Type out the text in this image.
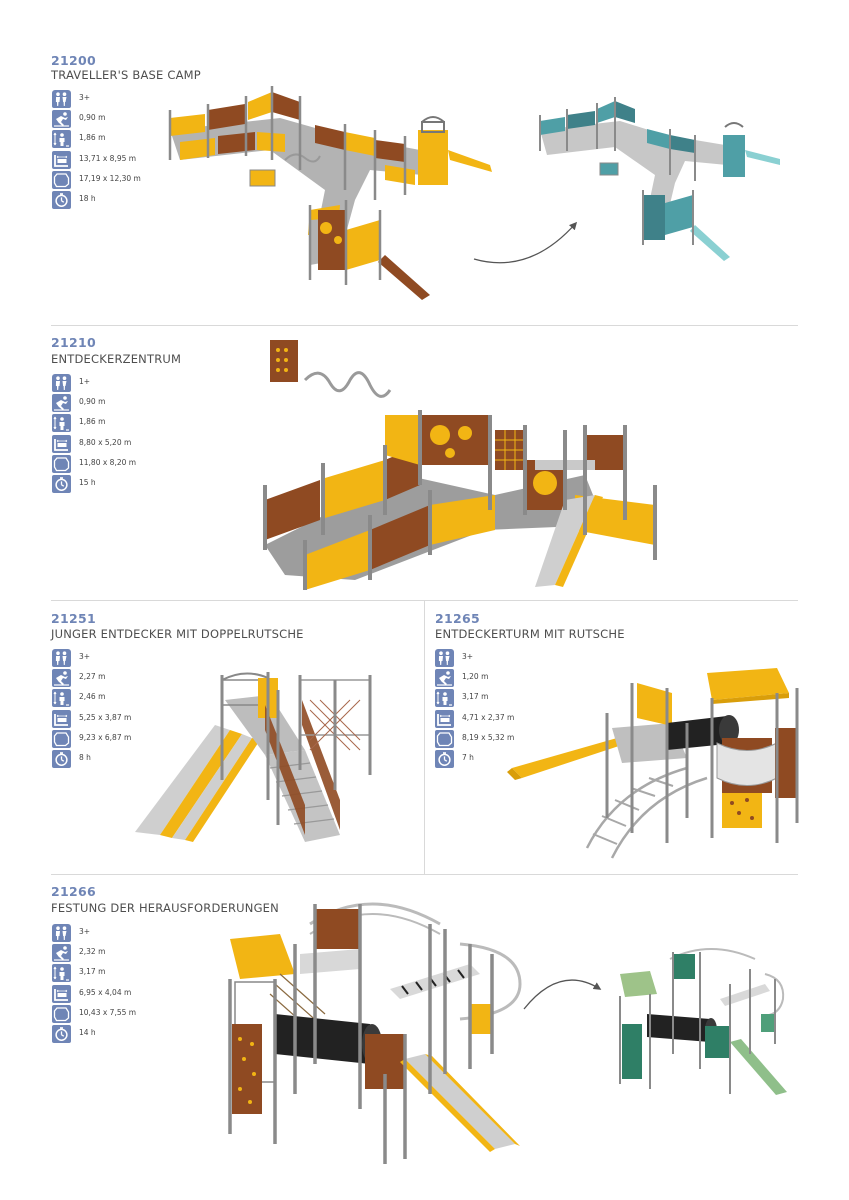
21200
TRAVELLER'S BASE CAMP
3+
0,90 m
1,86 m
13,71 x 8,95 m
17,19 x 12,30 m
18 h
21210
ENTDECKERZENTRUM
1+
0,90 m
1,86 m
8,80 x 5,20 m
11,80 x 8,20 m
15 h
21251
JUNGER ENTDECKER MIT DOPPELRUTSCHE
3+
2,27 m
2,46 m
5,25 x 3,87 m
9,23 x 6,87 m
8 h
21265
ENTDECKERTURM MIT RUTSCHE
3+
1,20 m
3,17 m
4,71 x 2,37 m
8,19 x 5,32 m
7 h
21266
FESTUNG DER HERAUSFORDERUNGEN
3+
2,32 m
3,17 m
6,95 x 4,04 m
10,43 x 7,55 m
14 h
